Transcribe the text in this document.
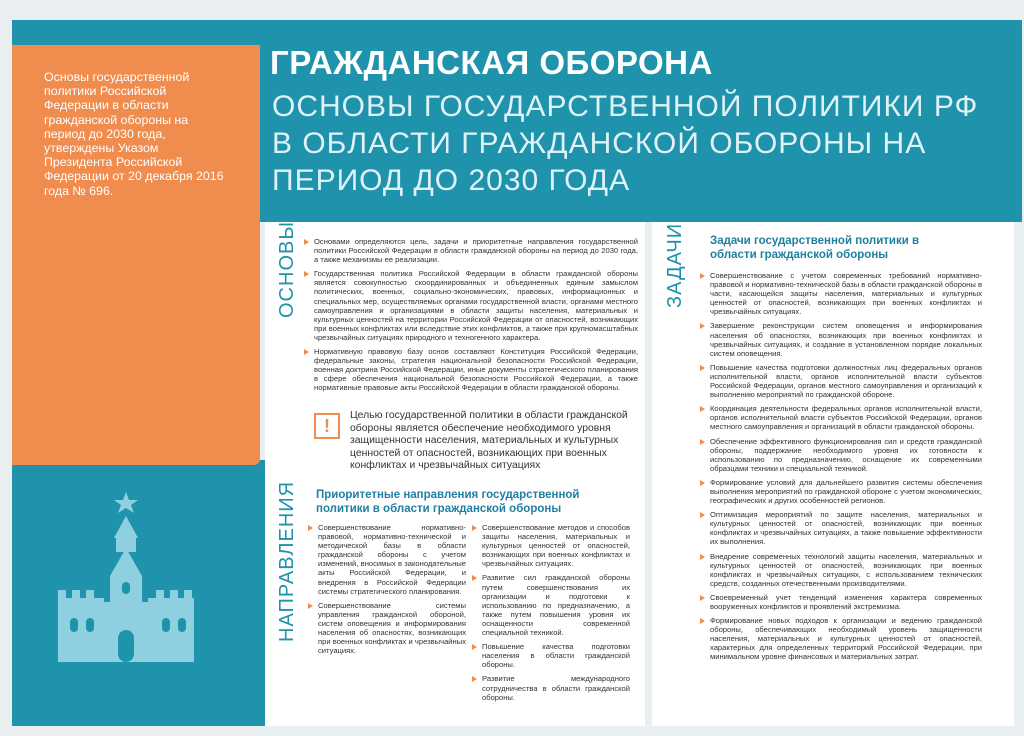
Основы государственной политики Российской Федерации в области гражданской обороны на период до 2030 года, утверждены Указом Президента Российской Федерации от 20 декабря 2016 года № 696.
ГРАЖДАНСКАЯ ОБОРОНА
ОСНОВЫ ГОСУДАРСТВЕННОЙ ПОЛИТИКИ РФ В ОБЛАСТИ ГРАЖДАНСКОЙ ОБОРОНЫ НА ПЕРИОД ДО 2030 ГОДА
ОСНОВЫ
НАПРАВЛЕНИЯ
ЗАДАЧИ

Основами определяются цель, задачи и приоритетные направления государственной политики Российской Федерации в области гражданской обороны на период до 2030 года, а также механизмы ее реализации.

Государственная политика Российской Федерации в области гражданской обороны является совокупностью скоординированных и объединенных единым замыслом политических, военных, социально-экономических, правовых, информационных и специальных мер, осуществляемых органами государственной власти, органами местного самоуправления и организациями в области защиты населения, материальных и культурных ценностей на территории Российской Федерации от опасностей, возникающих при военных конфликтах или вследствие этих конфликтов, а также при крупномасштабных чрезвычайных ситуациях природного и техногенного характера.

Нормативную правовую базу основ составляют Конституция Российской Федерации, федеральные законы, стратегия национальной безопасности Российской Федерации, военная доктрина Российской Федерации, иные документы стратегического планирования в сфере обеспечения национальной безопасности Российской Федерации, а также нормативные правовые акты Российской Федерации в области гражданской обороны.

!	Целью государственной политики в области гражданской обороны является обеспечение необходимого уровня защищенности населения, материальных и культурных ценностей от опасностей, возникающих при военных конфликтах и чрезвычайных ситуациях
Приоритетные направления государственной политики в области гражданской обороны

Совершенствование нормативно-правовой, нормативно-технической и методической базы в области гражданской обороны с учетом изменений, вносимых в законодательные акты Российской Федерации, и внедрения в Российской Федерации системы стратегического планирования.

Совершенствование системы управления гражданской обороной, систем оповещения и информирования населения об опасностях, возникающих при военных конфликтах и чрезвычайных ситуациях.

Совершенствование методов и способов защиты населения, материальных и культурных ценностей от опасностей, возникающих при военных конфликтах и чрезвычайных ситуациях.

Развитие сил гражданской обороны путем совершенствования их организации и подготовки к использованию по предназначению, а также путем повышения уровня их оснащенности современной специальной техникой.

Повышение качества подготовки населения в области гражданской обороны.

Развитие международного сотрудничества в области гражданской обороны.

Задачи государственной политики в области гражданской обороны

Совершенствование с учетом современных требований нормативно-правовой и нормативно-технической базы в области гражданской обороны в части, касающейся защиты населения, материальных и культурных ценностей от опасностей, возникающих при военных конфликтах и чрезвычайных ситуациях.

Завершение реконструкции систем оповещения и информирования населения об опасностях, возникающих при военных конфликтах и чрезвычайных ситуациях, и создание в установленном порядке локальных систем оповещения.

Повышение качества подготовки должностных лиц федеральных органов исполнительной власти, органов исполнительной власти субъектов Российской Федерации, органов местного самоуправления и организаций к выполнению мероприятий по гражданской обороне.

Координация деятельности федеральных органов исполнительной власти, органов исполнительной власти субъектов Российской Федерации, органов местного самоуправления и организаций в области гражданской обороны.

Обеспечение эффективного функционирования сил и средств гражданской обороны, поддержание необходимого уровня их готовности к использованию по предназначению, оснащение их современными образцами техники и специальной техникой.

Формирование условий для дальнейшего развития системы обеспечения выполнения мероприятий по гражданской обороне с учетом экономических, географических и других особенностей регионов.

Оптимизация мероприятий по защите населения, материальных и культурных ценностей от опасностей, возникающих при военных конфликтах и чрезвычайных ситуациях, а также повышение эффективности их выполнения.

Внедрение современных технологий защиты населения, материальных и культурных ценностей от опасностей, возникающих при военных конфликтах и чрезвычайных ситуациях, с использованием технических средств, созданных отечественными производителями.

Своевременный учет тенденций изменения характера современных вооруженных конфликтов и проявлений экстремизма.

Формирование новых подходов к организации и ведению гражданской обороны, обеспечивающих необходимый уровень защищенности населения, материальных и культурных ценностей от опасностей, характерных для определенных территорий Российской Федерации, при минимальном уровне финансовых и материальных затрат.
